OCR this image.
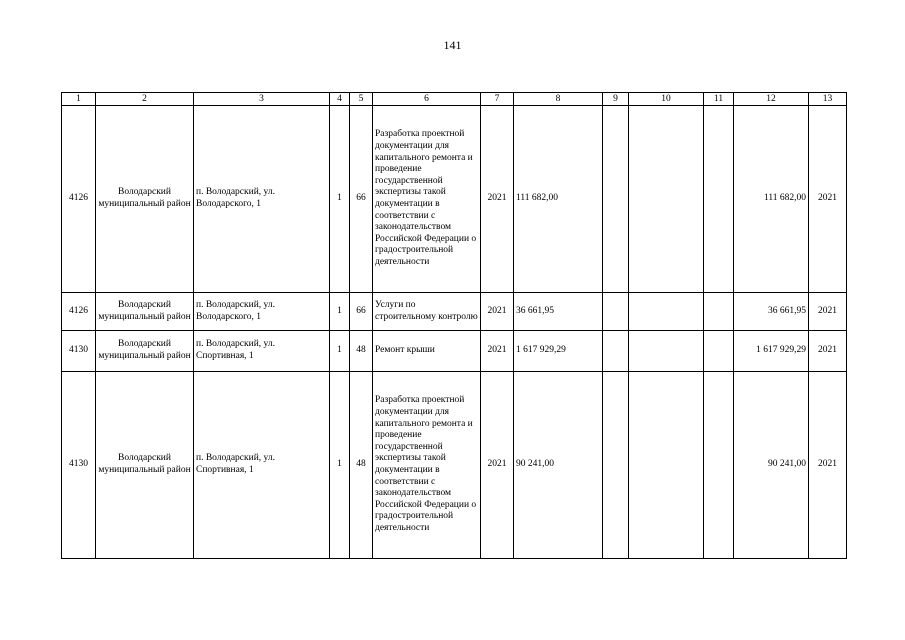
141
1	2	3	4	5	6	7	8	9	10	11	12	13
4126	Володарский муниципальный район	п. Володарский, ул. Володарского, 1	1	66	Разработка проектной документации для капитального ремонта и проведение государственной экспертизы такой документации в соответствии с законодательством Российской Федерации о градостроительной деятельности	2021	111 682,00				111 682,00	2021
4126	Володарский муниципальный район	п. Володарский, ул. Володарского, 1	1	66	Услуги по строительному контролю	2021	36 661,95				36 661,95	2021
4130	Володарский муниципальный район	п. Володарский, ул. Спортивная, 1	1	48	Ремонт крыши	2021	1 617 929,29				1 617 929,29	2021
4130	Володарский муниципальный район	п. Володарский, ул. Спортивная, 1	1	48	Разработка проектной документации для капитального ремонта и проведение государственной экспертизы такой документации в соответствии с законодательством Российской Федерации о градостроительной деятельности	2021	90 241,00				90 241,00	2021
